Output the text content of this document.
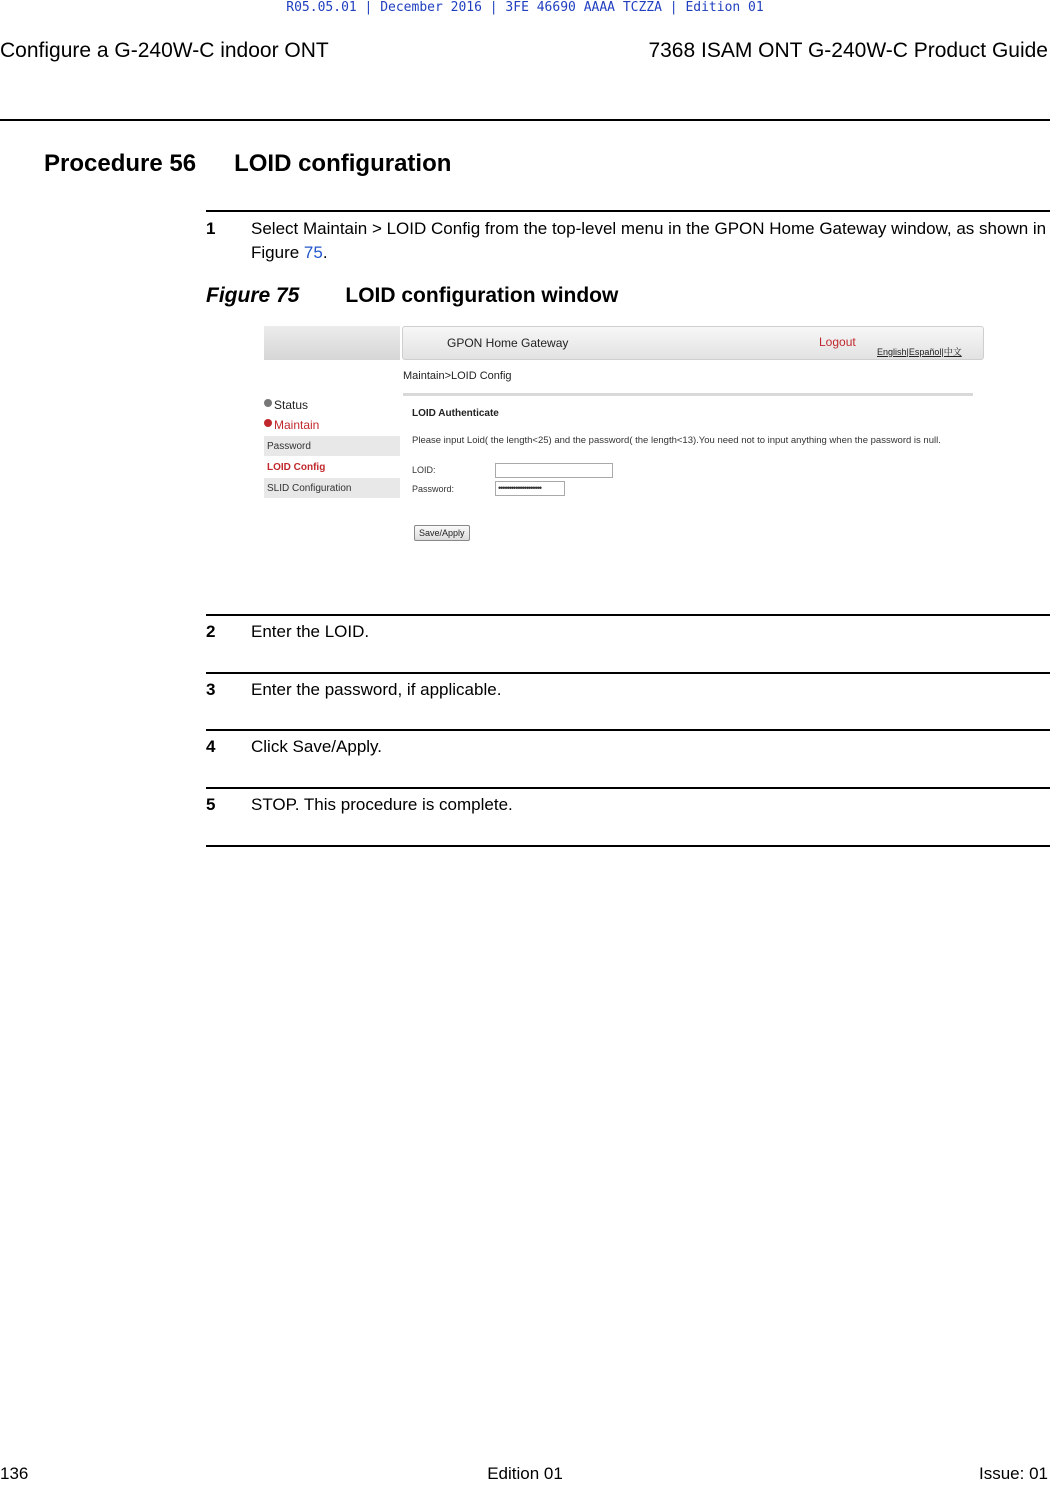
R05.05.01 | December 2016 | 3FE 46690 AAAA TCZZA | Edition 01
Configure a G-240W-C indoor ONT	7368 ISAM ONT G-240W-C Product Guide
Procedure 56 LOID configuration
1 Select Maintain > LOID Config from the top-level menu in the GPON Home Gateway window, as shown in Figure 75.
Figure 75 LOID configuration window
GPON Home Gateway	Logout
English|Español|中文
Status
Maintain
Password
LOID Config
SLID Configuration
Maintain>LOID Config
LOID Authenticate
Please input Loid( the length<25) and the password( the length<13).You need not to input anything when the password is null.
LOID:
Password:	••••••••••••••••••••
Save/Apply
2 Enter the LOID.
3 Enter the password, if applicable.
4 Click Save/Apply.
5 STOP. This procedure is complete.
136	Edition 01	Issue: 01
